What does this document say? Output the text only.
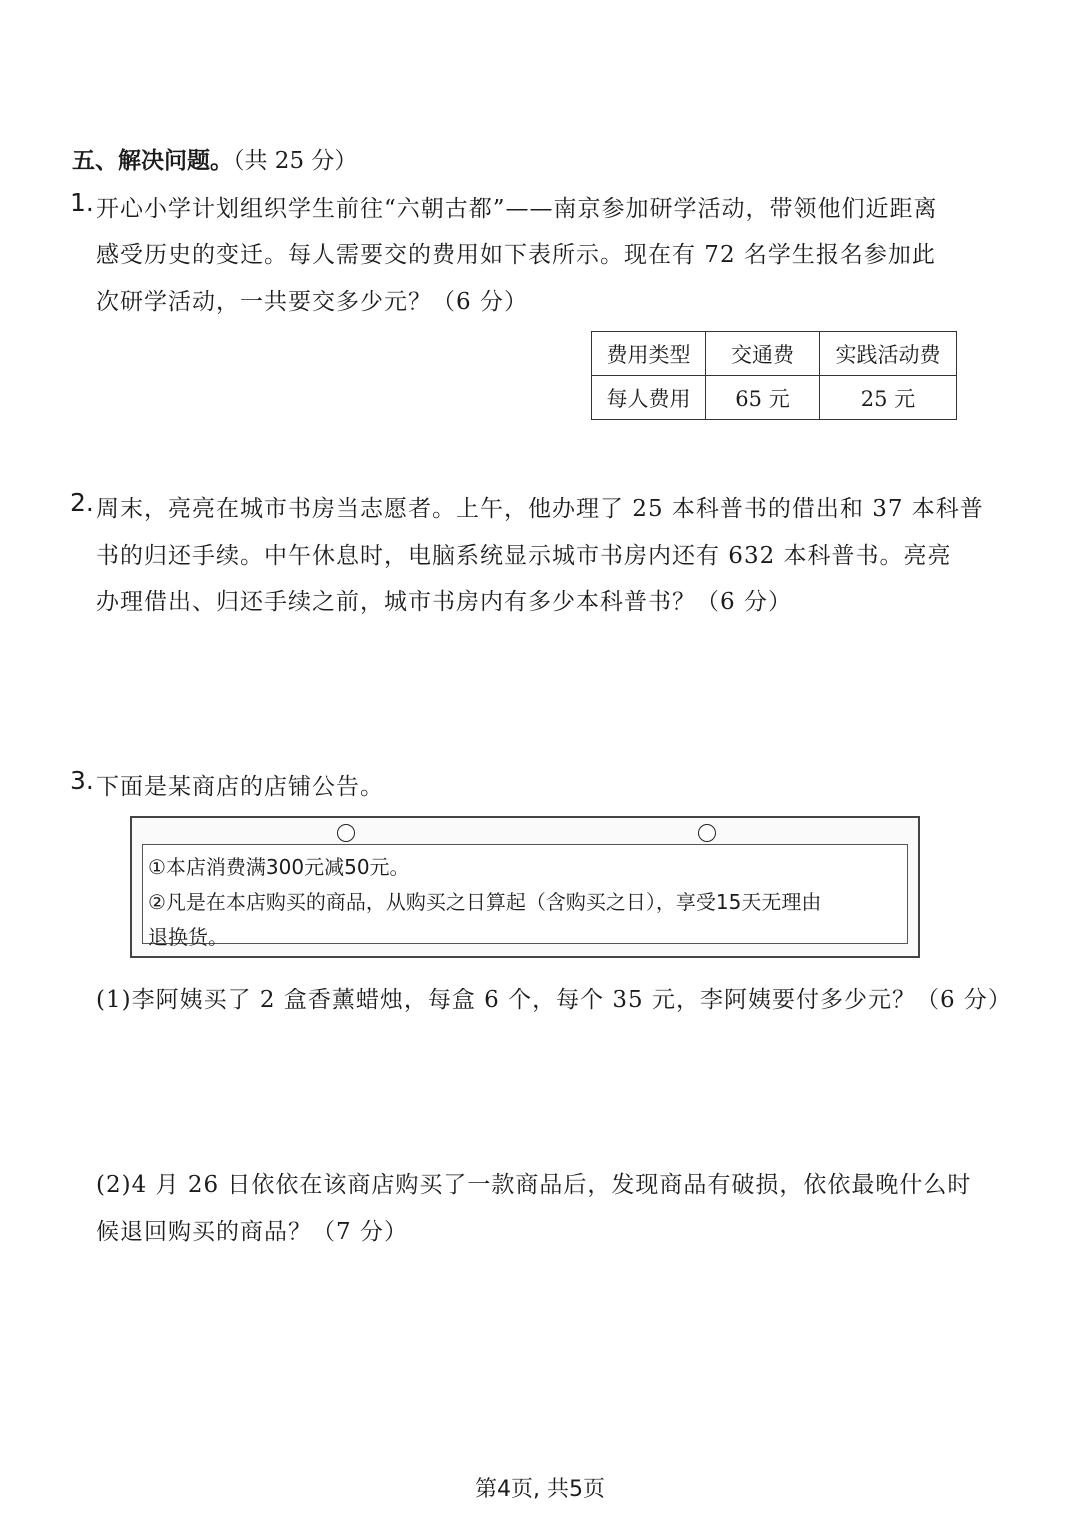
五、解决问题。（共 25 分）
1. 开心小学计划组织学生前往“六朝古都”——南京参加研学活动，带领他们近距离
感受历史的变迁。每人需要交的费用如下表所示。现在有 72 名学生报名参加此
次研学活动，一共要交多少元？（6 分）
费用类型	交通费	实践活动费
每人费用	65 元	25 元
2. 周末，亮亮在城市书房当志愿者。上午，他办理了 25 本科普书的借出和 37 本科普
书的归还手续。中午休息时，电脑系统显示城市书房内还有 632 本科普书。亮亮
办理借出、归还手续之前，城市书房内有多少本科普书？（6 分）
3. 下面是某商店的店铺公告。
①本店消费满300元减50元。
②凡是在本店购买的商品，从购买之日算起（含购买之日），享受15天无理由
退换货。
(1)李阿姨买了 2 盒香薰蜡烛，每盒 6 个，每个 35 元，李阿姨要付多少元？（6 分）
(2)4 月 26 日依依在该商店购买了一款商品后，发现商品有破损，依依最晚什么时
候退回购买的商品？（7 分）
第4页, 共5页
